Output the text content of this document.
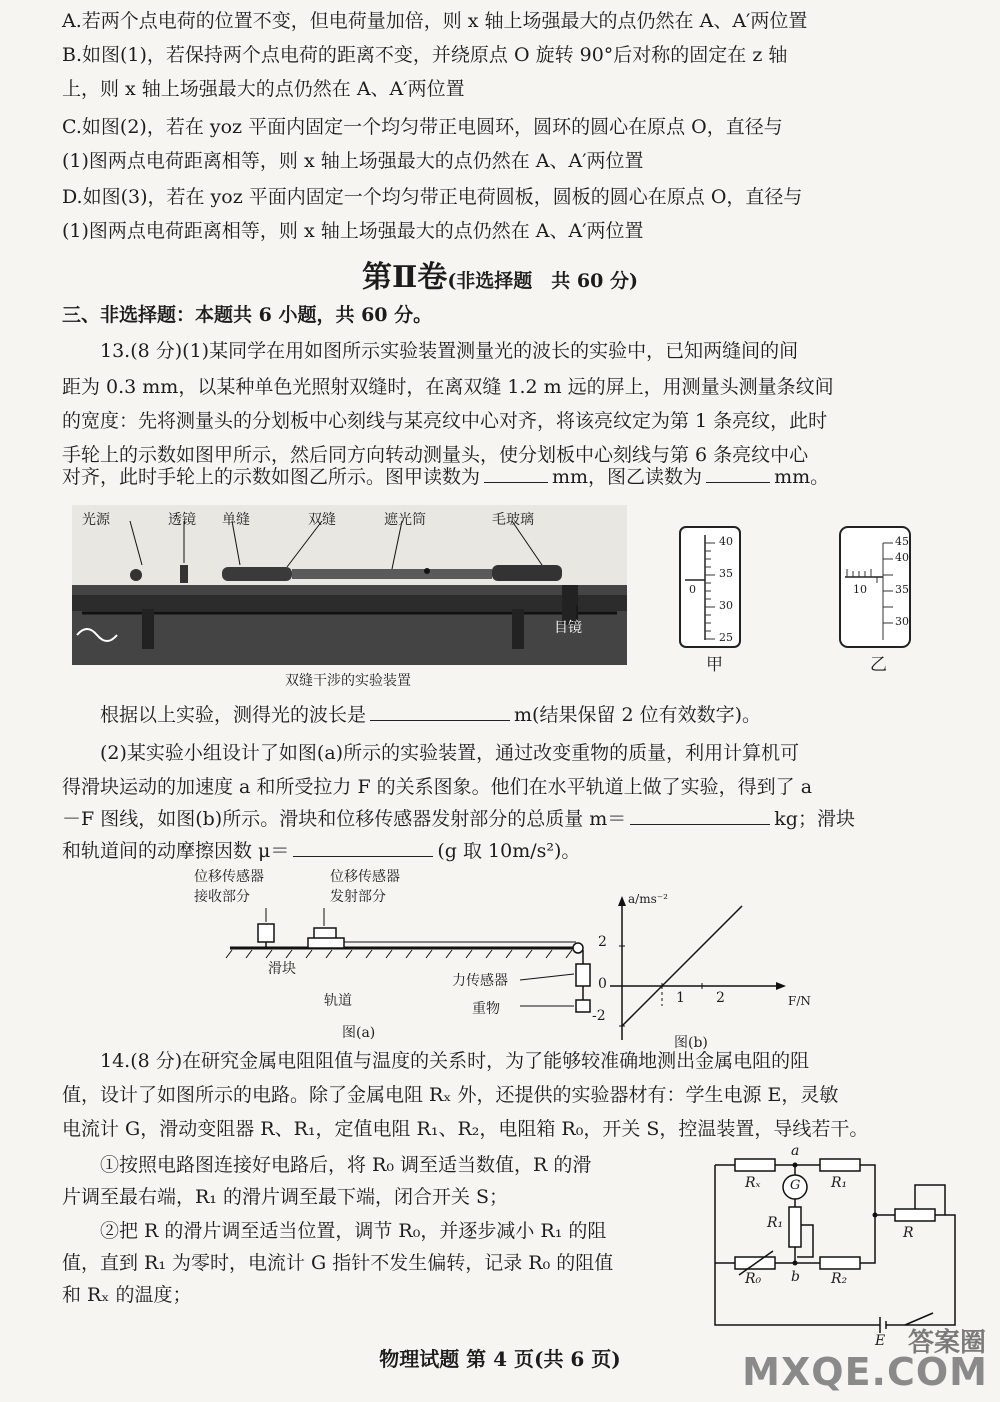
A.若两个点电荷的位置不变，但电荷量加倍，则 x 轴上场强最大的点仍然在 A、A′两位置
B.如图(1)，若保持两个点电荷的距离不变，并绕原点 O 旋转 90°后对称的固定在 z 轴
上，则 x 轴上场强最大的点仍然在 A、A′两位置
C.如图(2)，若在 yoz 平面内固定一个均匀带正电圆环，圆环的圆心在原点 O，直径与
(1)图两点电荷距离相等，则 x 轴上场强最大的点仍然在 A、A′两位置
D.如图(3)，若在 yoz 平面内固定一个均匀带正电荷圆板，圆板的圆心在原点 O，直径与
(1)图两点电荷距离相等，则 x 轴上场强最大的点仍然在 A、A′两位置
第Ⅱ卷(非选择题　共 60 分)
三、非选择题：本题共 6 小题，共 60 分。
13.(8 分)(1)某同学在用如图所示实验装置测量光的波长的实验中，已知两缝间的间
距为 0.3 mm，以某种单色光照射双缝时，在离双缝 1.2 m 远的屏上，用测量头测量条纹间
的宽度：先将测量头的分划板中心刻线与某亮纹中心对齐，将该亮纹定为第 1 条亮纹，此时
手轮上的示数如图甲所示，然后同方向转动测量头，使分划板中心刻线与第 6 条亮纹中心
对齐，此时手轮上的示数如图乙所示。图甲读数为	mm，图乙读数为	mm。
光源	透镜 单缝	双缝	遮光筒	毛玻璃
目镜
双缝干涉的实验装置
40
35
30
25
0
甲
45
40
35
30
10
乙
根据以上实验，测得光的波长是	m(结果保留 2 位有效数字)。
(2)某实验小组设计了如图(a)所示的实验装置，通过改变重物的质量，利用计算机可
得滑块运动的加速度 a 和所受拉力 F 的关系图象。他们在水平轨道上做了实验，得到了 a
－F 图线，如图(b)所示。滑块和位移传感器发射部分的总质量 m＝	kg；滑块
和轨道间的动摩擦因数 μ＝	(g 取 10m/s²)。
位移传感器
接收部分
位移传感器
发射部分
滑块
轨道
力传感器
重物
图(a)
a/ms⁻²
F/N
2
0
-2
1 2
图(b)
14.(8 分)在研究金属电阻阻值与温度的关系时，为了能够较准确地测出金属电阻的阻
值，设计了如图所示的电路。除了金属电阻 Rₓ 外，还提供的实验器材有：学生电源 E，灵敏
电流计 G，滑动变阻器 R、R₁，定值电阻 R₁、R₂，电阻箱 R₀，开关 S，控温装置，导线若干。
①按照电路图连接好电路后，将 R₀ 调至适当数值，R 的滑
片调至最右端，R₁ 的滑片调至最下端，闭合开关 S；
②把 R 的滑片调至适当位置，调节 R₀，并逐步减小 R₁ 的阻
值，直到 R₁ 为零时，电流计 G 指针不发生偏转，记录 R₀ 的阻值
和 Rₓ 的温度；
a
Rₓ	R₁
G
R₁
b
R₀	R₂
R
E
物理试题 第 4 页(共 6 页)
答案圈
MXQE.COM
